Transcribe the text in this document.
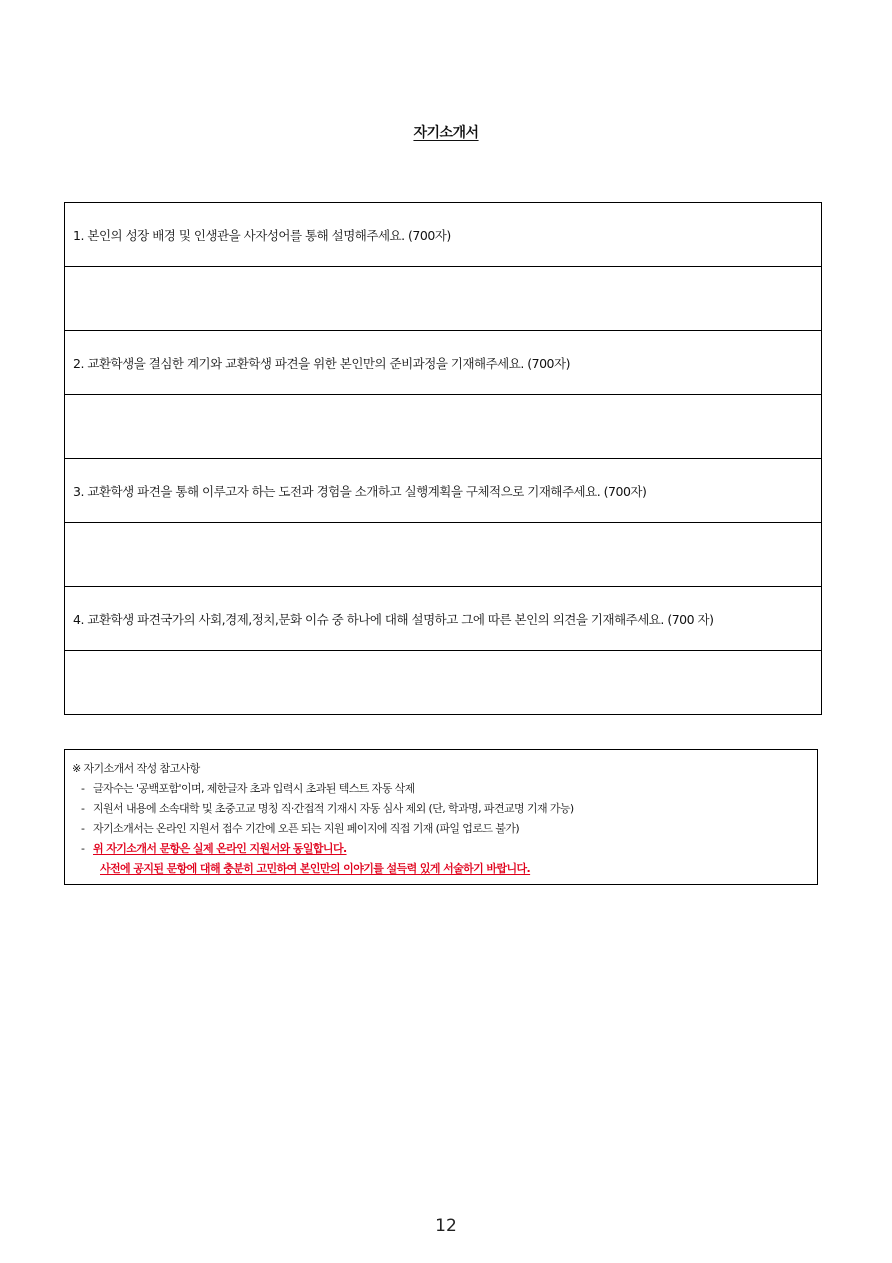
자기소개서
1. 본인의 성장 배경 및 인생관을 사자성어를 통해 설명해주세요. (700자)

2. 교환학생을 결심한 계기와 교환학생 파견을 위한 본인만의 준비과정을 기재해주세요. (700자)

3. 교환학생 파견을 통해 이루고자 하는 도전과 경험을 소개하고 실행계획을 구체적으로 기재해주세요. (700자)

4. 교환학생 파견국가의 사회,경제,정치,문화 이슈 중 하나에 대해 설명하고 그에 따른 본인의 의견을 기재해주세요. (700 자)

※ 자기소개서 작성 참고사항
- 글자수는 '공백포함'이며, 제한글자 초과 입력시 초과된 텍스트 자동 삭제
- 지원서 내용에 소속대학 및 초중고교 명칭 직·간접적 기재시 자동 심사 제외 (단, 학과명, 파견교명 기재 가능)
- 자기소개서는 온라인 지원서 접수 기간에 오픈 되는 지원 페이지에 직접 기재 (파일 업로드 불가)
- 위 자기소개서 문항은 실제 온라인 지원서와 동일합니다.
사전에 공지된 문항에 대해 충분히 고민하여 본인만의 이야기를 설득력 있게 서술하기 바랍니다.
12
